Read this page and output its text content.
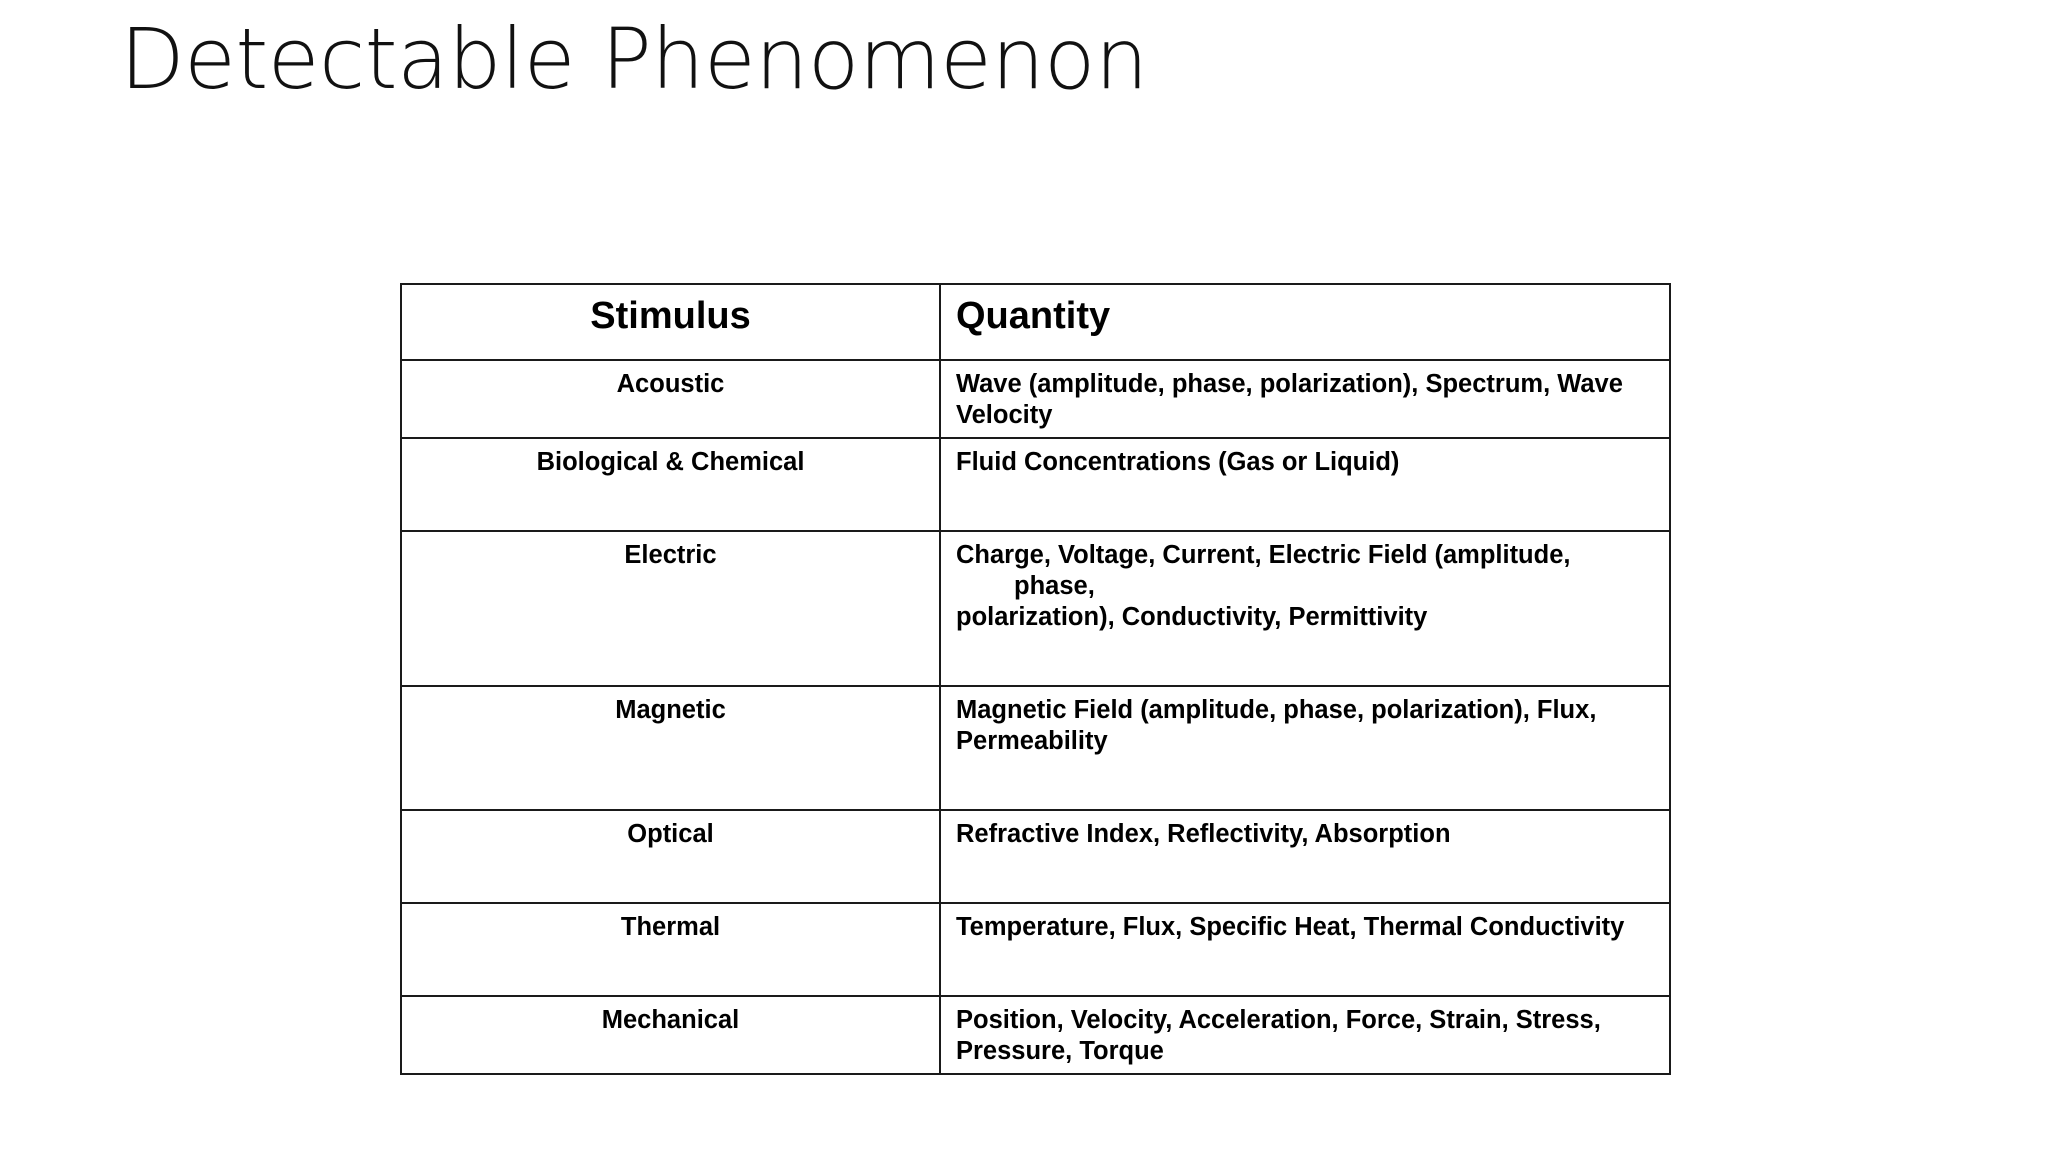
Detectable Phenomenon
Stimulus	Quantity
Acoustic	Wave (amplitude, phase, polarization), Spectrum, Wave
Velocity
Biological & Chemical	Fluid Concentrations (Gas or Liquid)
Electric	Charge, Voltage, Current, Electric Field (amplitude,
phase,
polarization), Conductivity, Permittivity
Magnetic	Magnetic Field (amplitude, phase, polarization), Flux,
Permeability
Optical	Refractive Index, Reflectivity, Absorption
Thermal	Temperature, Flux, Specific Heat, Thermal Conductivity
Mechanical	Position, Velocity, Acceleration, Force, Strain, Stress,
Pressure, Torque
